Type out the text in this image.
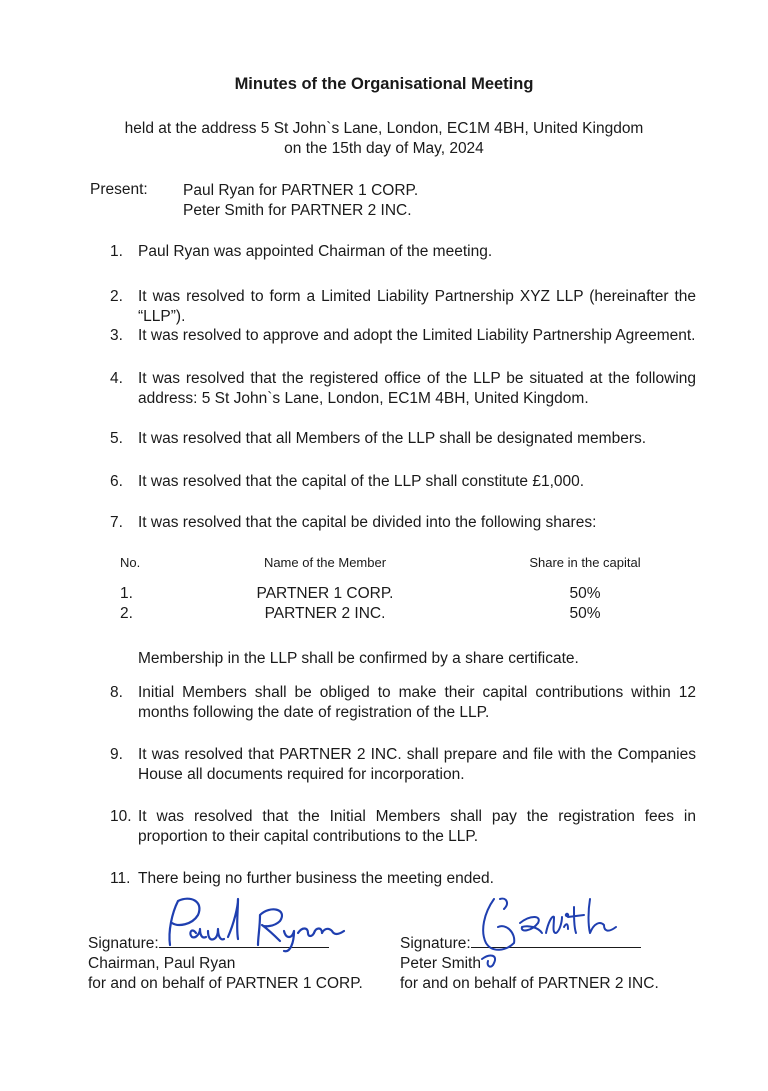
Minutes of the Organisational Meeting
held at the address 5 St John`s Lane, London, EC1M 4BH, United Kingdom
on the 15th day of May, 2024
Present: Paul Ryan for PARTNER 1 CORP.
Peter Smith for PARTNER 2 INC.
1. Paul Ryan was appointed Chairman of the meeting.
2. It was resolved to form a Limited Liability Partnership XYZ LLP (hereinafter the “LLP”).
3. It was resolved to approve and adopt the Limited Liability Partnership Agreement.
4. It was resolved that the registered office of the LLP be situated at the following address: 5 St John`s Lane, London, EC1M 4BH, United Kingdom.
5. It was resolved that all Members of the LLP shall be designated members.
6. It was resolved that the capital of the LLP shall constitute £1,000.
7. It was resolved that the capital be divided into the following shares:
No.	Name of the Member	Share in the capital
1.	PARTNER 1 CORP.	50%
2.	PARTNER 2 INC.	50%
Membership in the LLP shall be confirmed by a share certificate.
8. Initial Members shall be obliged to make their capital contributions within 12 months following the date of registration of the LLP.
9. It was resolved that PARTNER 2 INC. shall prepare and file with the Companies House all documents required for incorporation.
10. It was resolved that the Initial Members shall pay the registration fees in proportion to their capital contributions to the LLP.
11. There being no further business the meeting ended.
Signature:
Chairman, Paul Ryan
for and on behalf of PARTNER 1 CORP.
Signature:
Peter Smith
for and on behalf of PARTNER 2 INC.
